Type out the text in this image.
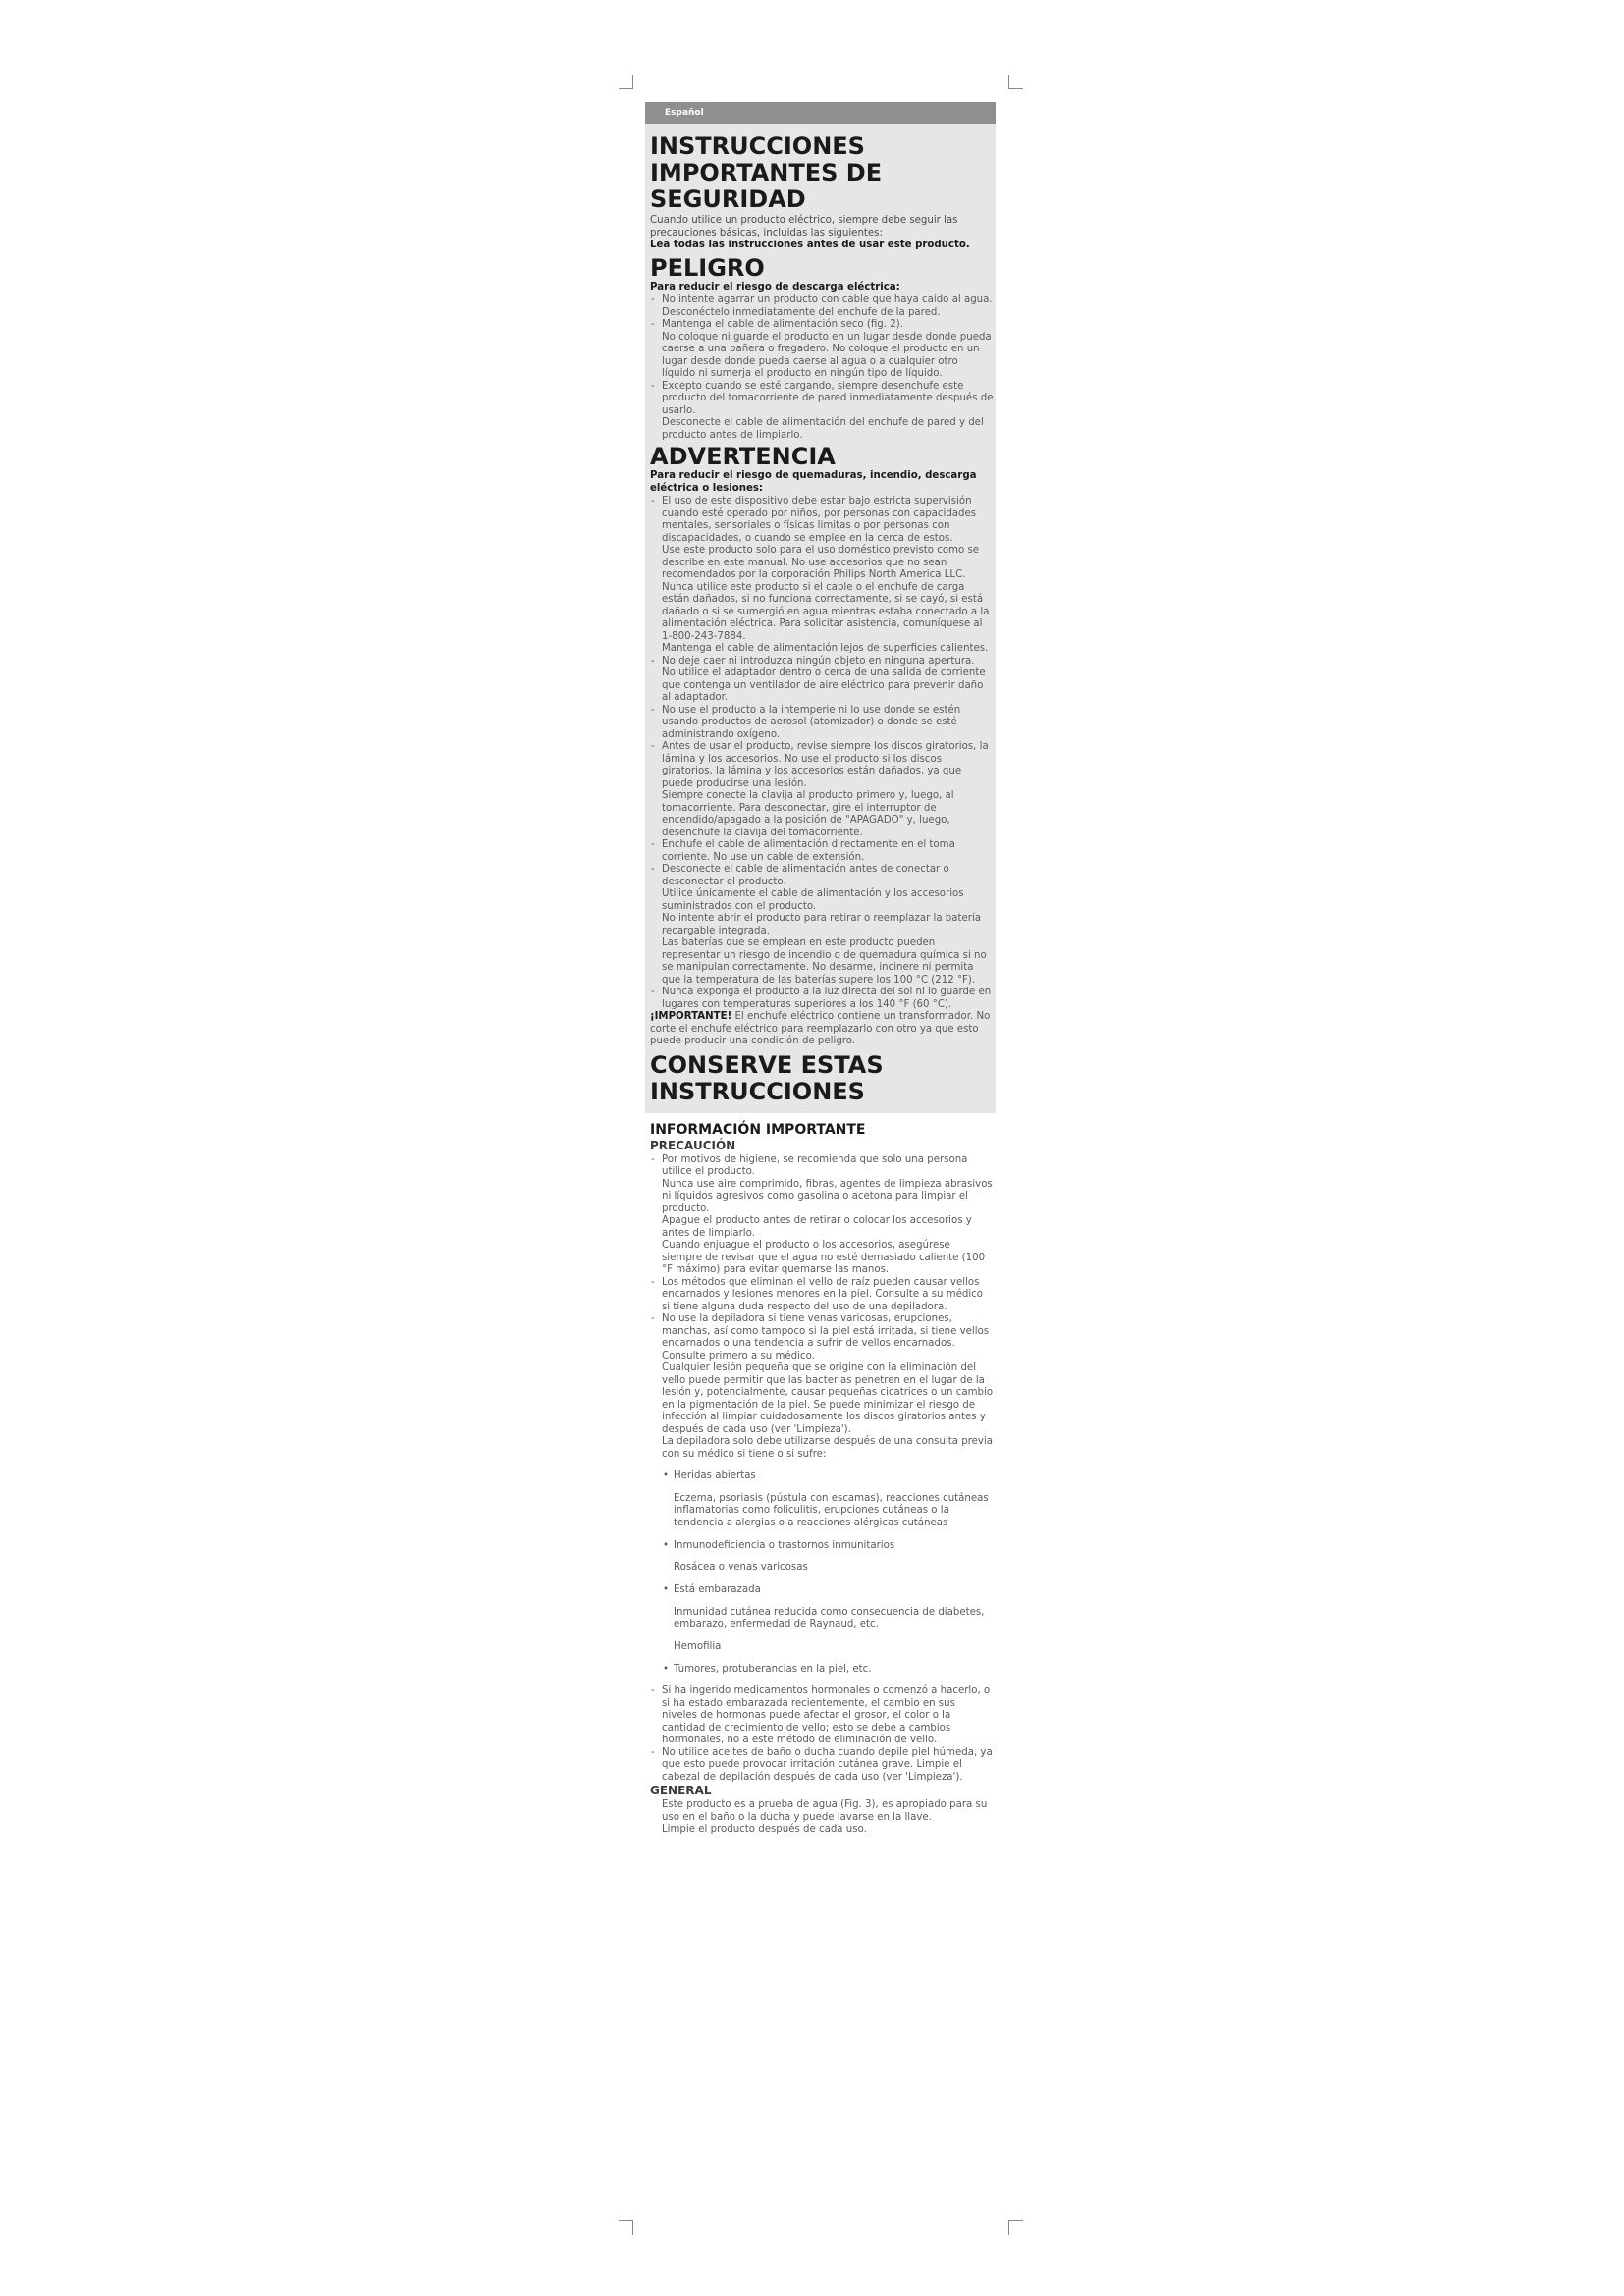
Español
INSTRUCCIONES
IMPORTANTES DE
SEGURIDAD

Cuando utilice un producto eléctrico, siempre debe seguir las precauciones básicas, incluidas las siguientes:

Lea todas las instrucciones antes de usar este producto.

PELIGRO

Para reducir el riesgo de descarga eléctrica:

- No intente agarrar un producto con cable que haya caído al agua. Desconéctelo inmediatamente del enchufe de la pared.

- Mantenga el cable de alimentación seco (fig. 2).

No coloque ni guarde el producto en un lugar desde donde pueda caerse a una bañera o fregadero. No coloque el producto en un lugar desde donde pueda caerse al agua o a cualquier otro líquido ni sumerja el producto en ningún tipo de líquido.

- Excepto cuando se esté cargando, siempre desenchufe este producto del tomacorriente de pared inmediatamente después de usarlo.

Desconecte el cable de alimentación del enchufe de pared y del producto antes de limpiarlo.

ADVERTENCIA

Para reducir el riesgo de quemaduras, incendio, descarga eléctrica o lesiones:

- El uso de este dispositivo debe estar bajo estricta supervisión cuando esté operado por niños, por personas con capacidades mentales, sensoriales o físicas limitas o por personas con discapacidades, o cuando se emplee en la cerca de estos.

Use este producto solo para el uso doméstico previsto como se describe en este manual. No use accesorios que no sean recomendados por la corporación Philips North America LLC.

Nunca utilice este producto si el cable o el enchufe de carga están dañados, si no funciona correctamente, si se cayó, si está dañado o si se sumergió en agua mientras estaba conectado a la alimentación eléctrica. Para solicitar asistencia, comuníquese al 1-800-243-7884.

Mantenga el cable de alimentación lejos de superficies calientes.

- No deje caer ni introduzca ningún objeto en ninguna apertura.

No utilice el adaptador dentro o cerca de una salida de corriente que contenga un ventilador de aire eléctrico para prevenir daño al adaptador.

- No use el producto a la intemperie ni lo use donde se estén usando productos de aerosol (atomizador) o donde se esté administrando oxígeno.

- Antes de usar el producto, revise siempre los discos giratorios, la lámina y los accesorios. No use el producto si los discos giratorios, la lámina y los accesorios están dañados, ya que puede producirse una lesión.

Siempre conecte la clavija al producto primero y, luego, al tomacorriente. Para desconectar, gire el interruptor de encendido/apagado a la posición de "APAGADO" y, luego, desenchufe la clavija del tomacorriente.

- Enchufe el cable de alimentación directamente en el toma corriente. No use un cable de extensión.

- Desconecte el cable de alimentación antes de conectar o desconectar el producto.

Utilice únicamente el cable de alimentación y los accesorios suministrados con el producto.

No intente abrir el producto para retirar o reemplazar la batería recargable integrada.

Las baterías que se emplean en este producto pueden representar un riesgo de incendio o de quemadura química si no se manipulan correctamente. No desarme, incinere ni permita que la temperatura de las baterías supere los 100 °C (212 °F).

- Nunca exponga el producto a la luz directa del sol ni lo guarde en lugares con temperaturas superiores a los 140 °F (60 °C).

¡IMPORTANTE! El enchufe eléctrico contiene un transformador. No corte el enchufe eléctrico para reemplazarlo con otro ya que esto puede producir una condición de peligro.

CONSERVE ESTAS
INSTRUCCIONES
INFORMACIÓN IMPORTANTE

PRECAUCIÓN

- Por motivos de higiene, se recomienda que solo una persona utilice el producto.

Nunca use aire comprimido, fibras, agentes de limpieza abrasivos ni líquidos agresivos como gasolina o acetona para limpiar el producto.

Apague el producto antes de retirar o colocar los accesorios y antes de limpiarlo.

Cuando enjuague el producto o los accesorios, asegúrese siempre de revisar que el agua no esté demasiado caliente (100 °F máximo) para evitar quemarse las manos.

- Los métodos que eliminan el vello de raíz pueden causar vellos encarnados y lesiones menores en la piel. Consulte a su médico si tiene alguna duda respecto del uso de una depiladora.

- No use la depiladora si tiene venas varicosas, erupciones, manchas, así como tampoco si la piel está irritada, si tiene vellos encarnados o una tendencia a sufrir de vellos encarnados. Consulte primero a su médico.

Cualquier lesión pequeña que se origine con la eliminación del vello puede permitir que las bacterias penetren en el lugar de la lesión y, potencialmente, causar pequeñas cicatrices o un cambio en la pigmentación de la piel. Se puede minimizar el riesgo de infección al limpiar cuidadosamente los discos giratorios antes y después de cada uso (ver 'Limpieza').

La depiladora solo debe utilizarse después de una consulta previa con su médico si tiene o si sufre:

• Heridas abiertas

Eczema, psoriasis (pústula con escamas), reacciones cutáneas inflamatorias como foliculitis, erupciones cutáneas o la tendencia a alergias o a reacciones alérgicas cutáneas

• Inmunodeficiencia o trastornos inmunitarios

Rosácea o venas varicosas

• Está embarazada

Inmunidad cutánea reducida como consecuencia de diabetes, embarazo, enfermedad de Raynaud, etc.

Hemofilia

• Tumores, protuberancias en la piel, etc.

- Si ha ingerido medicamentos hormonales o comenzó a hacerlo, o si ha estado embarazada recientemente, el cambio en sus niveles de hormonas puede afectar el grosor, el color o la cantidad de crecimiento de vello; esto se debe a cambios hormonales, no a este método de eliminación de vello.

- No utilice aceites de baño o ducha cuando depile piel húmeda, ya que esto puede provocar irritación cutánea grave. Limpie el cabezal de depilación después de cada uso (ver 'Limpieza').

GENERAL

Este producto es a prueba de agua (Fig. 3), es apropiado para su uso en el baño o la ducha y puede lavarse en la llave.

Limpie el producto después de cada uso.
